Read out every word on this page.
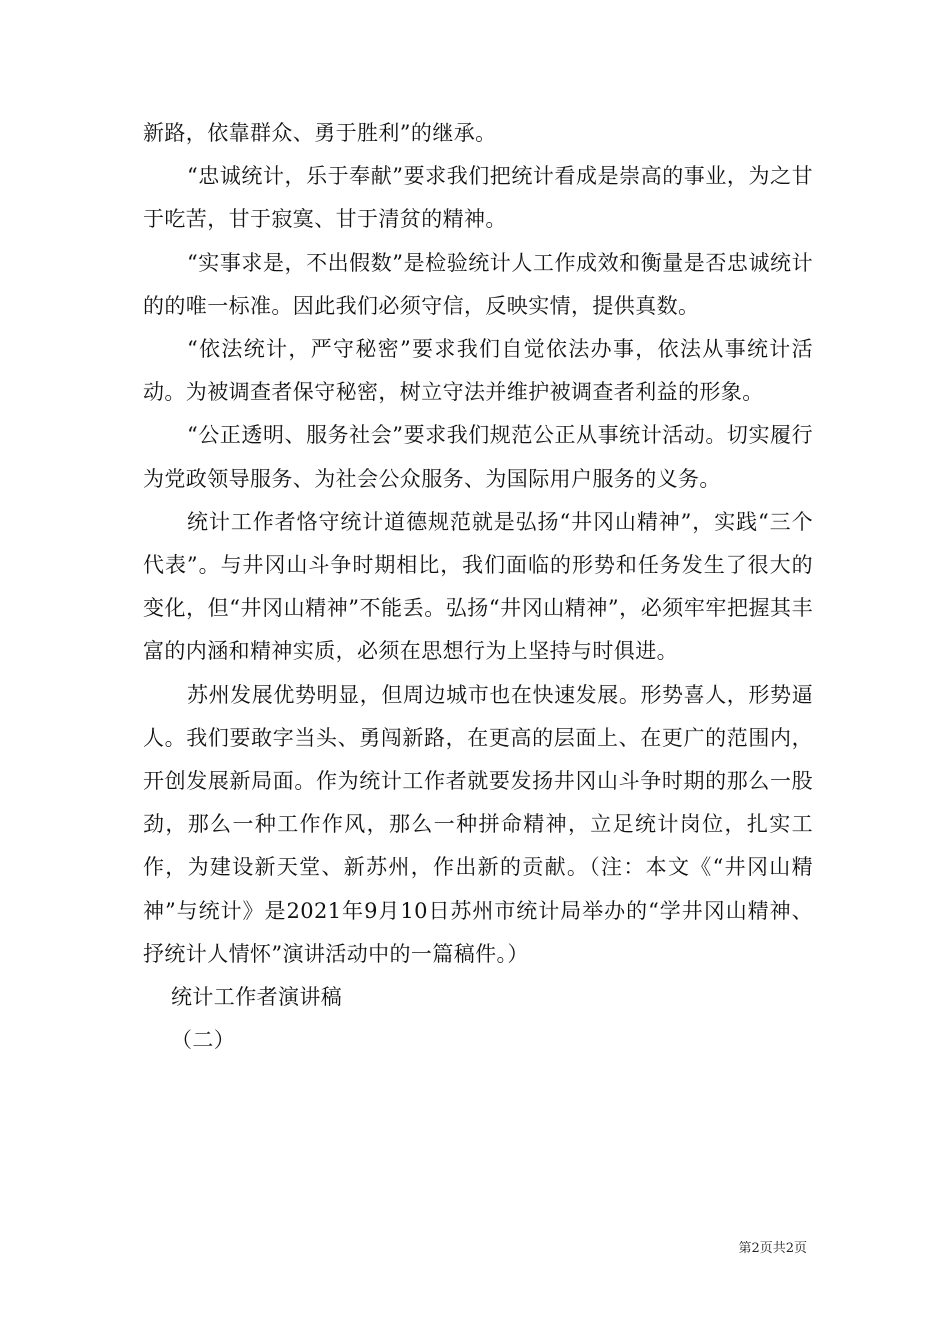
新路，依靠群众、勇于胜利”的继承。

“忠诚统计，乐于奉献”要求我们把统计看成是崇高的事业，为之甘于吃苦，甘于寂寞、甘于清贫的精神。

“实事求是，不出假数”是检验统计人工作成效和衡量是否忠诚统计的的唯一标准。因此我们必须守信，反映实情，提供真数。

“依法统计，严守秘密”要求我们自觉依法办事，依法从事统计活动。为被调查者保守秘密，树立守法并维护被调查者利益的形象。

“公正透明、服务社会”要求我们规范公正从事统计活动。切实履行为党政领导服务、为社会公众服务、为国际用户服务的义务。

统计工作者恪守统计道德规范就是弘扬“井冈山精神”，实践“三个代表”。与井冈山斗争时期相比，我们面临的形势和任务发生了很大的变化，但“井冈山精神”不能丢。弘扬“井冈山精神”，必须牢牢把握其丰富的内涵和精神实质，必须在思想行为上坚持与时俱进。

苏州发展优势明显，但周边城市也在快速发展。形势喜人，形势逼人。我们要敢字当头、勇闯新路，在更高的层面上、在更广的范围内，开创发展新局面。作为统计工作者就要发扬井冈山斗争时期的那么一股劲，那么一种工作作风，那么一种拼命精神，立足统计岗位，扎实工作，为建设新天堂、新苏州，作出新的贡献。（注：本文《“井冈山精神”与统计》是2021年9月10日苏州市统计局举办的“学井冈山精神、抒统计人情怀”演讲活动中的一篇稿件。）

统计工作者演讲稿

（二）

第2页共2页
